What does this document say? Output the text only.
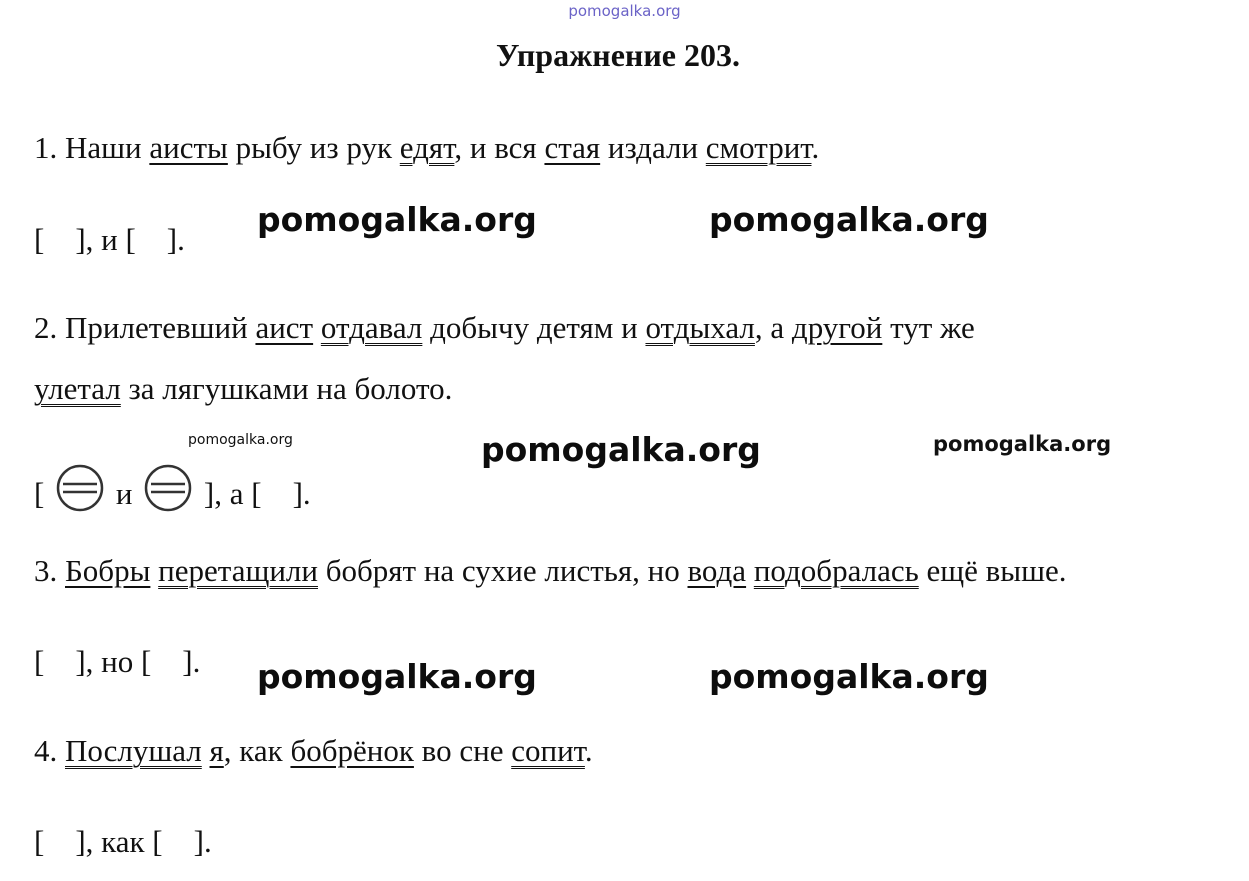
pomogalka.org
Упражнение 203.
1. Наши аисты рыбу из рук едят, и вся стая издали смотрит.
[    ], и [    ].
pomogalka.org	pomogalka.org
2. Прилетевший аист отдавал добычу детям и отдыхал, а другой тут же
улетал за лягушками на болото.
pomogalka.org	pomogalka.org	pomogalka.org
[  и  ], а [    ].
3. Бобры перетащили бобрят на сухие листья, но вода подобралась ещё выше.
[    ], но [    ]. pomogalka.org	pomogalka.org
4. Послушал я, как бобрёнок во сне сопит.
[    ], как [    ].
